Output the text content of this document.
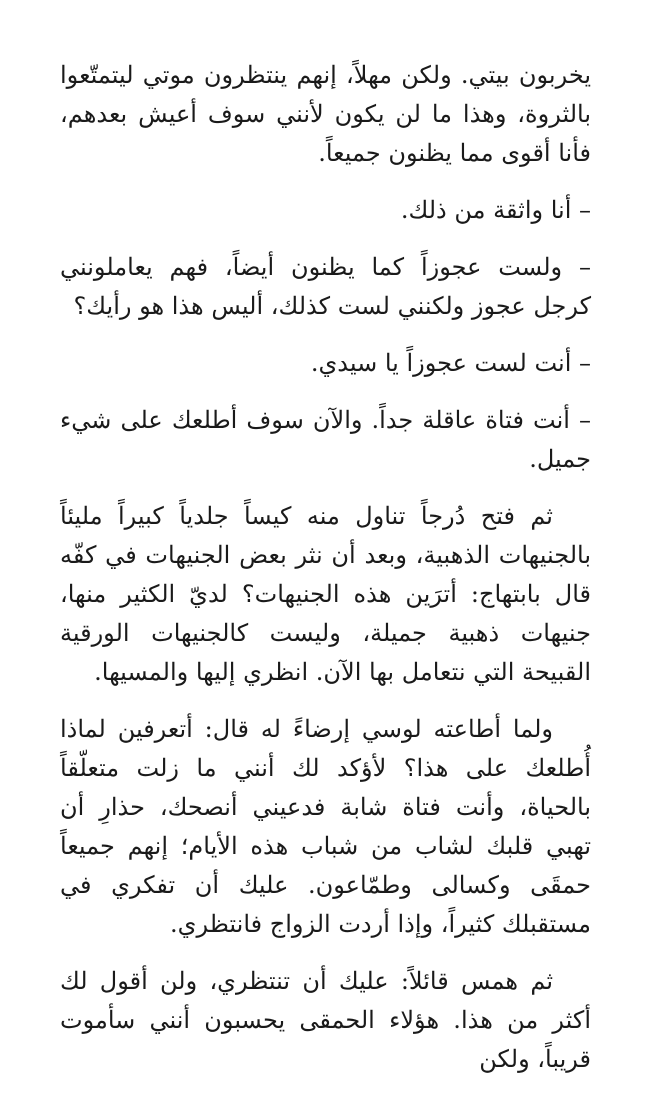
يخربون بيتي. ولكن مهلاً، إنهم ينتظرون موتي ليتمتّعوا بالثروة، وهذا ما لن يكون لأنني سوف أعيش بعدهم، فأنا أقوى مما يظنون جميعاً.

– أنا واثقة من ذلك.

– ولست عجوزاً كما يظنون أيضاً، فهم يعاملونني كرجل عجوز ولكنني لست كذلك، أليس هذا هو رأيك؟

– أنت لست عجوزاً يا سيدي.

– أنت فتاة عاقلة جداً. والآن سوف أطلعك على شيء جميل.

ثم فتح دُرجاً تناول منه كيساً جلدياً كبيراً مليئاً بالجنيهات الذهبية، وبعد أن نثر بعض الجنيهات في كفّه قال بابتهاج: أترَين هذه الجنيهات؟ لديّ الكثير منها، جنيهات ذهبية جميلة، وليست كالجنيهات الورقية القبيحة التي نتعامل بها الآن. انظري إليها والمسيها.

ولما أطاعته لوسي إرضاءً له قال: أتعرفين لماذا أُطلعك على هذا؟ لأؤكد لك أنني ما زلت متعلّقاً بالحياة، وأنت فتاة شابة فدعيني أنصحك، حذارِ أن تهبي قلبك لشاب من شباب هذه الأيام؛ إنهم جميعاً حمقَى وكسالى وطمّاعون. عليك أن تفكري في مستقبلك كثيراً، وإذا أردت الزواج فانتظري.

ثم همس قائلاً: عليك أن تنتظري، ولن أقول لك أكثر من هذا. هؤلاء الحمقى يحسبون أنني سأموت قريباً، ولكن
